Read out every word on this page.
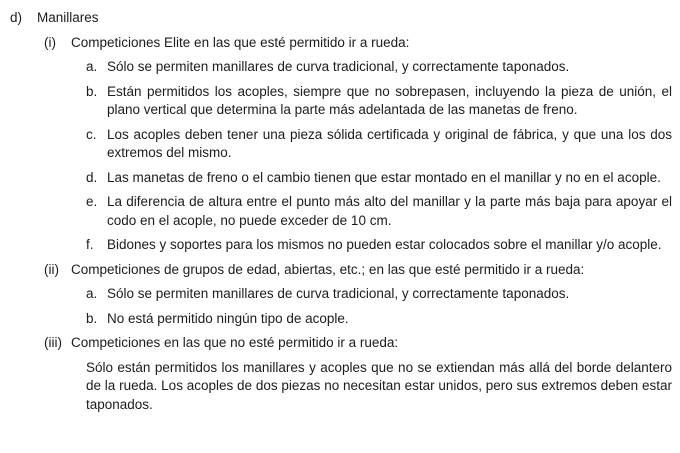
d)	Manillares
(i)	Competiciones Elite en las que esté permitido ir a rueda:
a. Sólo se permiten manillares de curva tradicional, y correctamente taponados.
b. Están permitidos los acoples, siempre que no sobrepasen, incluyendo la pieza de unión, el plano vertical que determina la parte más adelantada de las manetas de freno.
c. Los acoples deben tener una pieza sólida certificada y original de fábrica, y que una los dos extremos del mismo.
d. Las manetas de freno o el cambio tienen que estar montado en el manillar y no en el acople.
e. La diferencia de altura entre el punto más alto del manillar y la parte más baja para apoyar el codo en el acople, no puede exceder de 10 cm.
f. Bidones y soportes para los mismos no pueden estar colocados sobre el manillar y/o acople.
(ii) Competiciones de grupos de edad, abiertas, etc.; en las que esté permitido ir a rueda:
a. Sólo se permiten manillares de curva tradicional, y correctamente taponados.
b. No está permitido ningún tipo de acople.
(iii) Competiciones en las que no esté permitido ir a rueda:
Sólo están permitidos los manillares y acoples que no se extiendan más allá del borde delantero de la rueda. Los acoples de dos piezas no necesitan estar unidos, pero sus extremos deben estar taponados.
